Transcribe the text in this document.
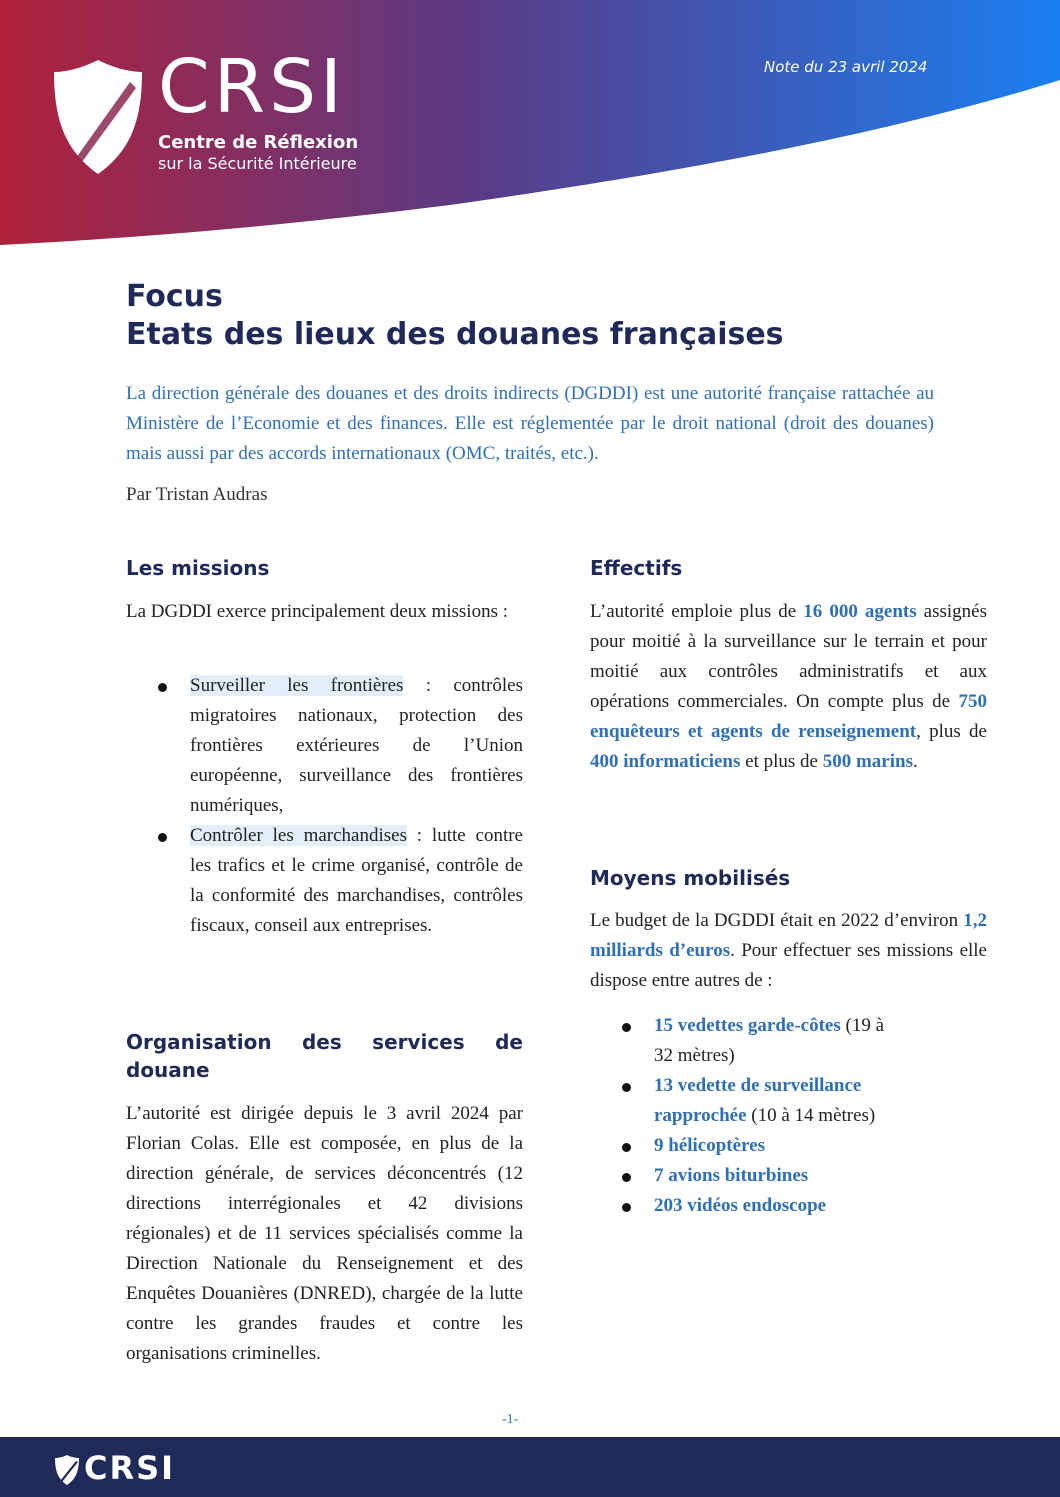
CRSI
Centre de Réflexion
sur la Sécurité Intérieure
Note du 23 avril 2024
Focus
Etats des lieux des douanes françaises
La direction générale des douanes et des droits indirects (DGDDI) est une autorité française rattachée au Ministère de l’Economie et des finances. Elle est réglementée par le droit national (droit des douanes) mais aussi par des accords internationaux (OMC, traités, etc.).
Par Tristan Audras
Les missions
La DGDDI exerce principalement deux missions :
Surveiller les frontières : contrôles migratoires nationaux, protection des frontières extérieures de l’Union européenne, surveillance des frontières numériques,
Contrôler les marchandises : lutte contre les trafics et le crime organisé, contrôle de la conformité des marchandises, contrôles fiscaux, conseil aux entreprises.
Organisation des services de douane
L’autorité est dirigée depuis le 3 avril 2024 par Florian Colas. Elle est composée, en plus de la direction générale, de services déconcentrés (12 directions interrégionales et 42 divisions régionales) et de 11 services spécialisés comme la Direction Nationale du Renseignement et des Enquêtes Douanières (DNRED), chargée de la lutte contre les grandes fraudes et contre les organisations criminelles.
Effectifs
L’autorité emploie plus de 16 000 agents assignés pour moitié à la surveillance sur le terrain et pour moitié aux contrôles administratifs et aux opérations commerciales. On compte plus de 750 enquêteurs et agents de renseignement, plus de 400 informaticiens et plus de 500 marins.
Moyens mobilisés
Le budget de la DGDDI était en 2022 d’environ 1,2 milliards d’euros. Pour effectuer ses missions elle dispose entre autres de :
15 vedettes garde-côtes (19 à 32 mètres)
13 vedette de surveillance rapprochée (10 à 14 mètres)
9 hélicoptères
7 avions biturbines
203 vidéos endoscope
-1-
CRSI
